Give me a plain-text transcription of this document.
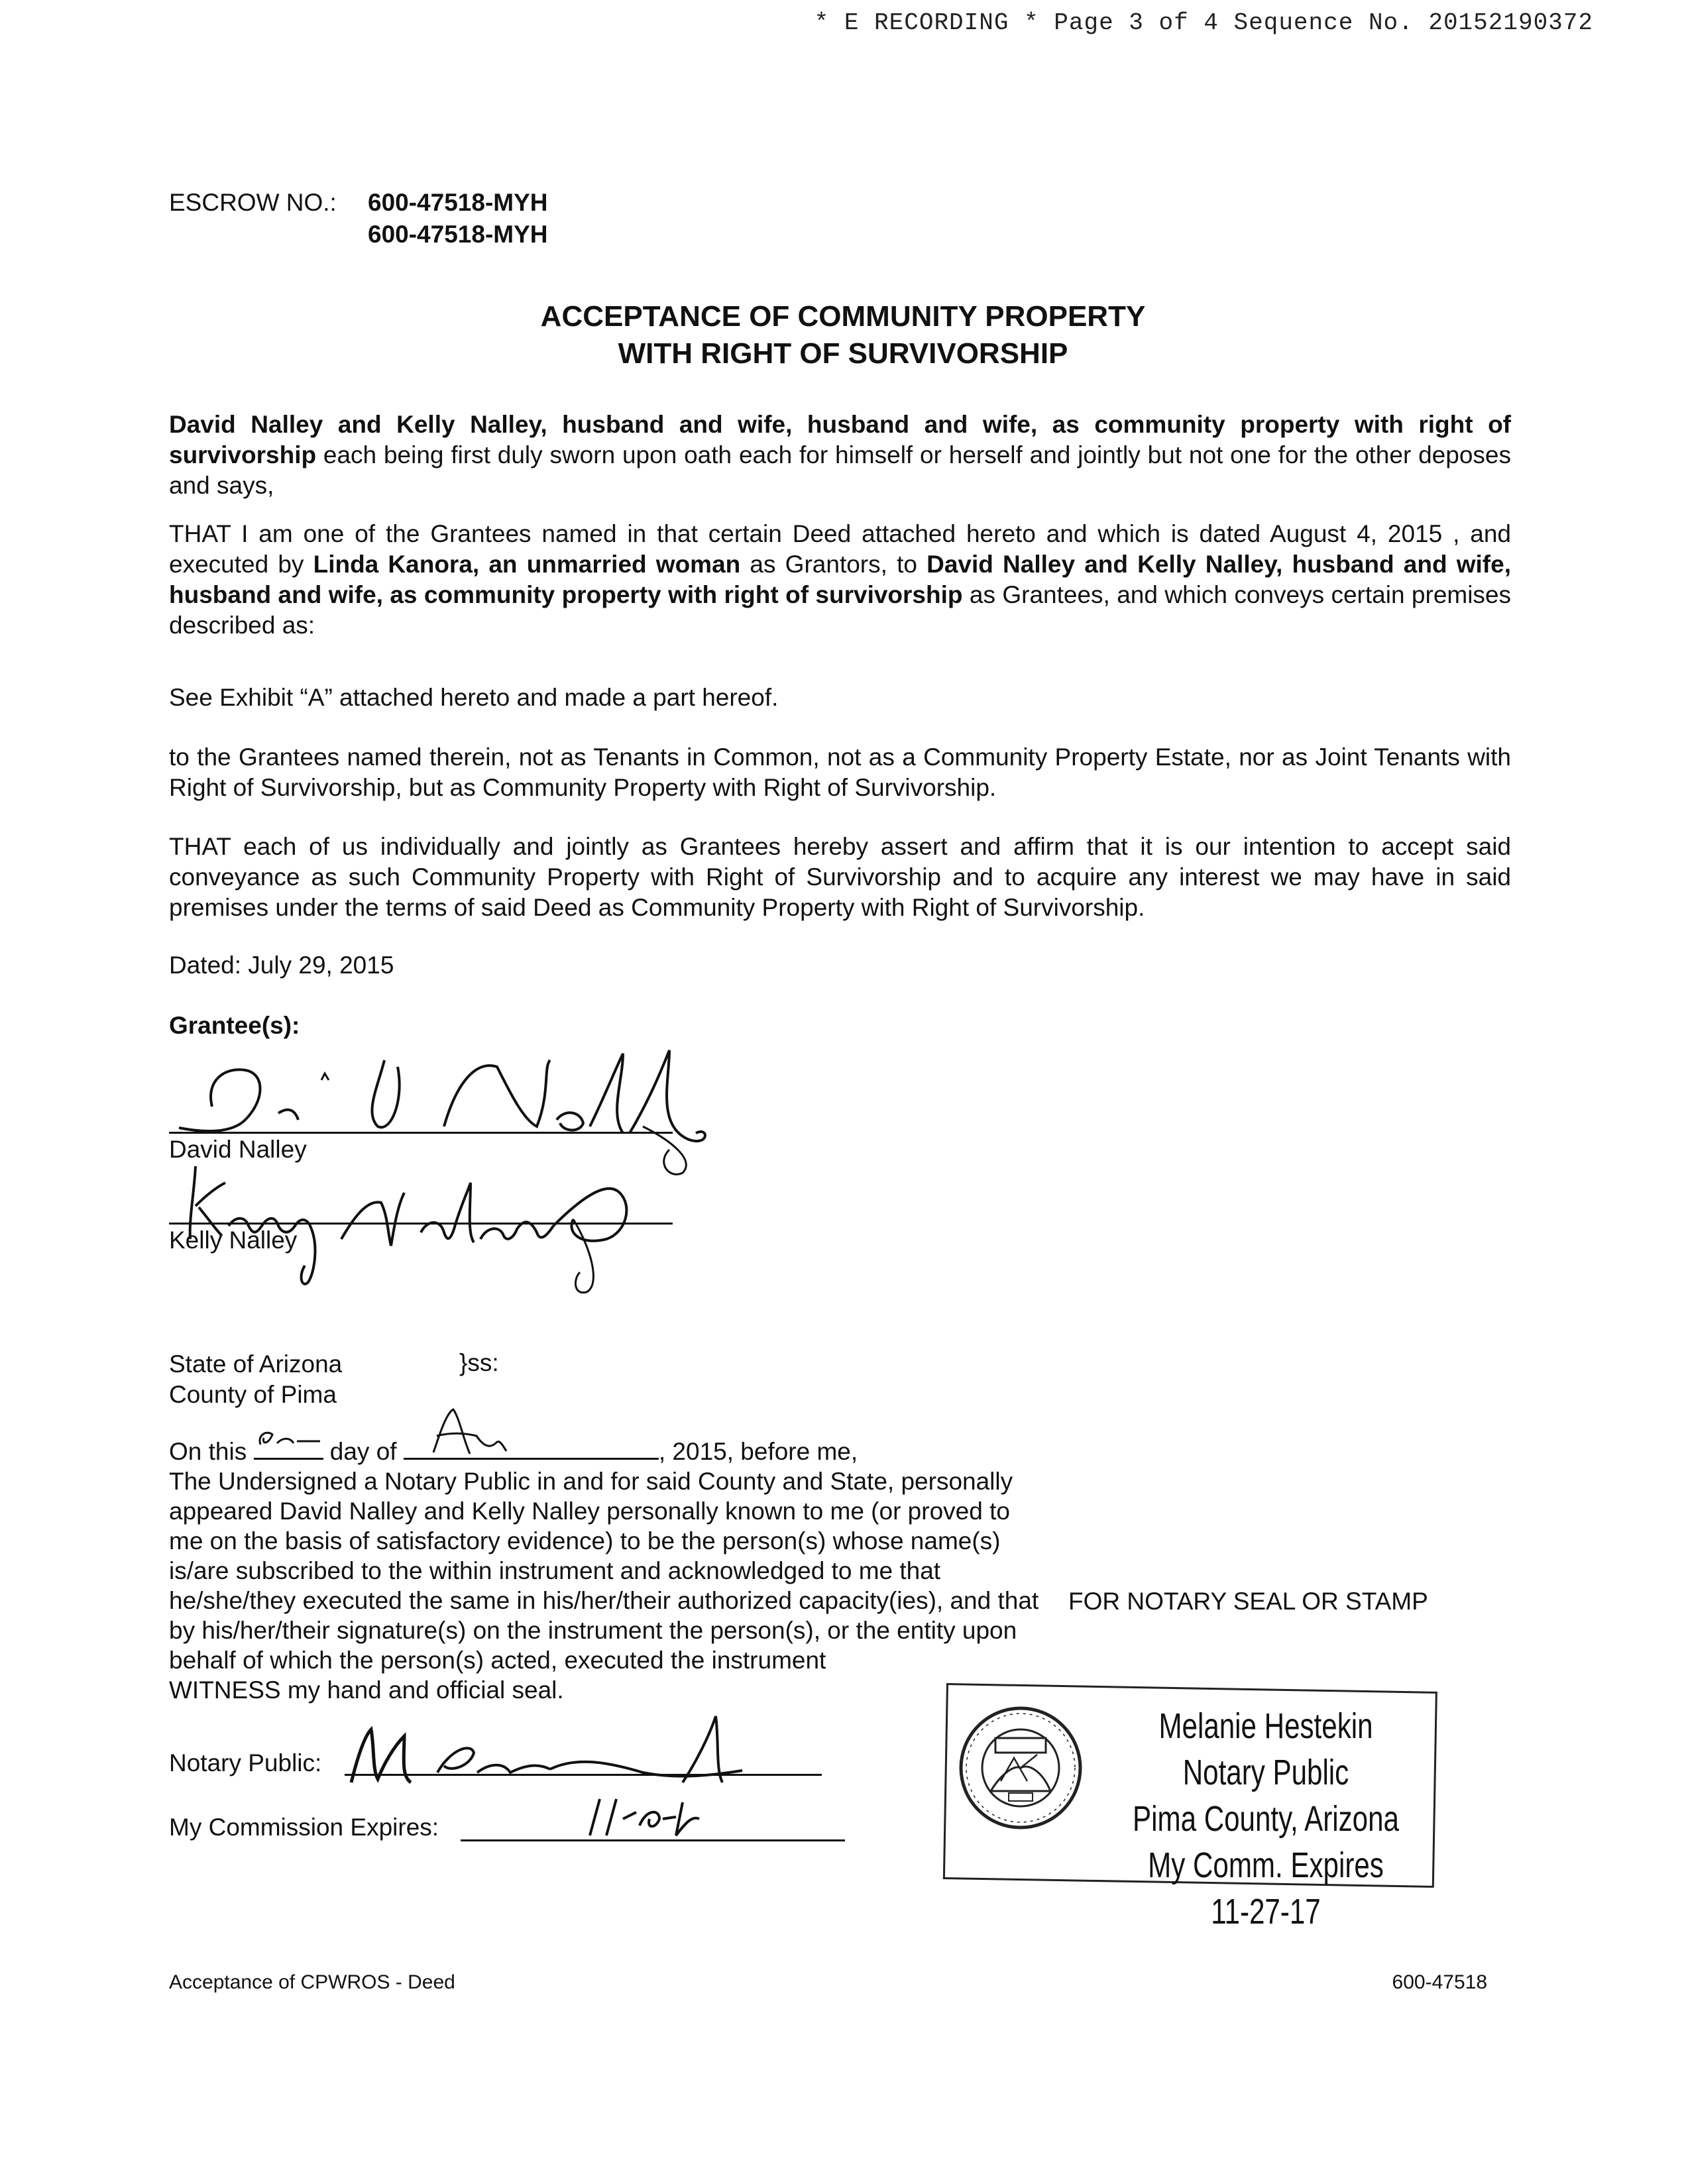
* E RECORDING * Page 3 of 4 Sequence No. 20152190372
ESCROW NO.: 600-47518-MYH
600-47518-MYH
ACCEPTANCE OF COMMUNITY PROPERTY
WITH RIGHT OF SURVIVORSHIP
David Nalley and Kelly Nalley, husband and wife, husband and wife, as community property with right of survivorship each being first duly sworn upon oath each for himself or herself and jointly but not one for the other deposes and says,
THAT I am one of the Grantees named in that certain Deed attached hereto and which is dated August 4, 2015 , and executed by Linda Kanora, an unmarried woman as Grantors, to David Nalley and Kelly Nalley, husband and wife, husband and wife, as community property with right of survivorship as Grantees, and which conveys certain premises described as:
See Exhibit “A” attached hereto and made a part hereof.
to the Grantees named therein, not as Tenants in Common, not as a Community Property Estate, nor as Joint Tenants with Right of Survivorship, but as Community Property with Right of Survivorship.
THAT each of us individually and jointly as Grantees hereby assert and affirm that it is our intention to accept said conveyance as such Community Property with Right of Survivorship and to acquire any interest we may have in said premises under the terms of said Deed as Community Property with Right of Survivorship.
Dated: July 29, 2015
Grantee(s):
David Nalley
Kelly Nalley
State of Arizona
County of Pima
}ss:
On this	day of	, 2015, before me,
The Undersigned a Notary Public in and for said County and State, personally appeared David Nalley and Kelly Nalley personally known to me (or proved to me on the basis of satisfactory evidence) to be the person(s) whose name(s) is/are subscribed to the within instrument and acknowledged to me that he/she/they executed the same in his/her/their authorized capacity(ies), and that by his/her/their signature(s) on the instrument the person(s), or the entity upon behalf of which the person(s) acted, executed the instrument
WITNESS my hand and official seal.
FOR NOTARY SEAL OR STAMP
Notary Public:
My Commission Expires:
Melanie Hestekin
Notary Public
Pima County, Arizona
My Comm. Expires 11-27-17
Acceptance of CPWROS - Deed	600-47518
